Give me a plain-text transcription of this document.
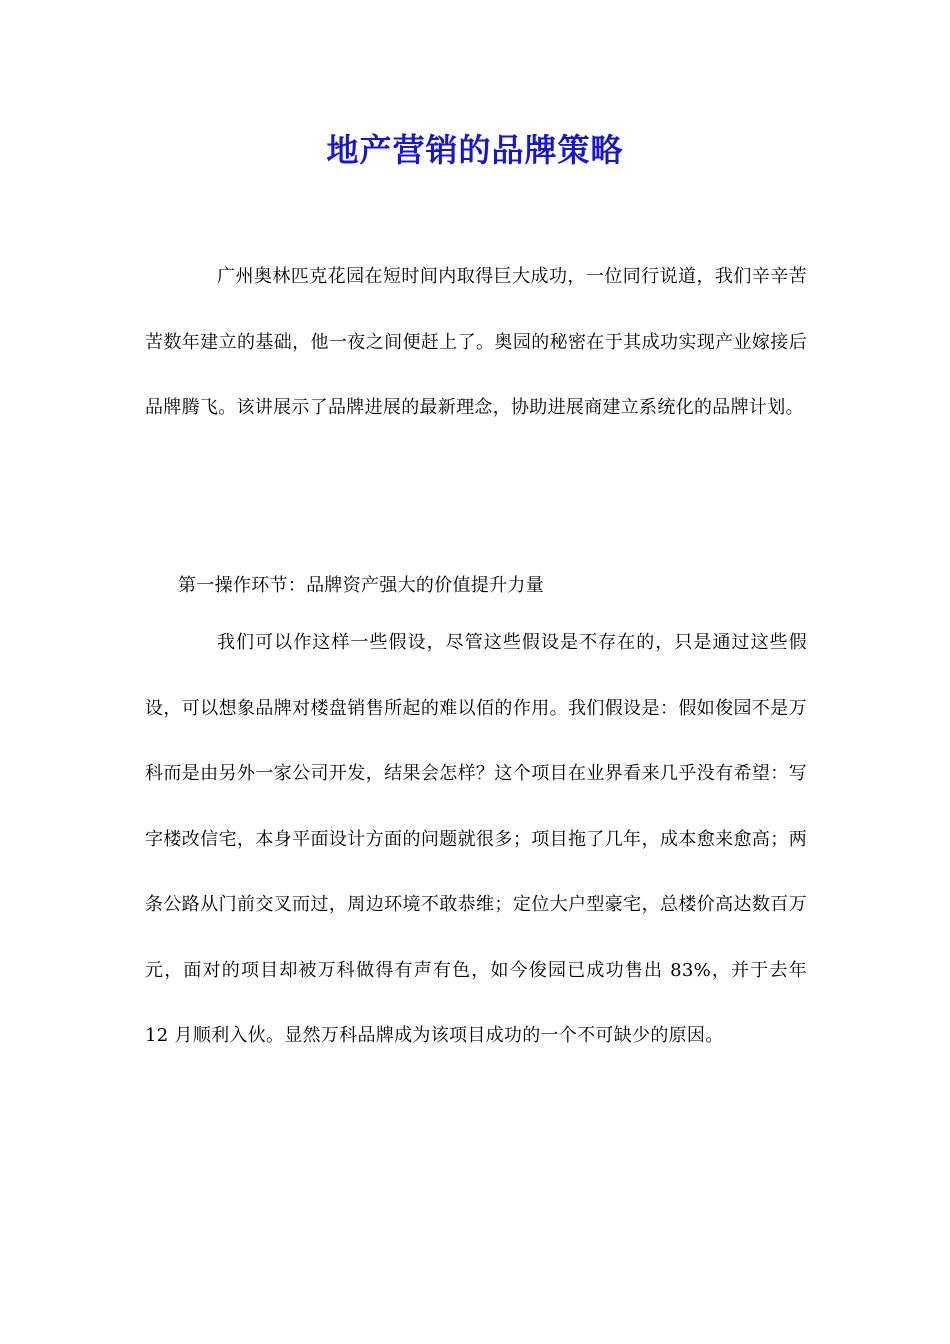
地产营销的品牌策略

广州奥林匹克花园在短时间内取得巨大成功，一位同行说道，我们辛辛苦苦数年建立的基础，他一夜之间便赶上了。奥园的秘密在于其成功实现产业嫁接后品牌腾飞。该讲展示了品牌进展的最新理念，协助进展商建立系统化的品牌计划。

第一操作环节：品牌资产强大的价值提升力量

我们可以作这样一些假设，尽管这些假设是不存在的，只是通过这些假设，可以想象品牌对楼盘销售所起的难以佰的作用。我们假设是：假如俊园不是万科而是由另外一家公司开发，结果会怎样？这个项目在业界看来几乎没有希望：写字楼改信宅，本身平面设计方面的问题就很多；项目拖了几年，成本愈来愈高；两条公路从门前交叉而过，周边环境不敢恭维；定位大户型豪宅，总楼价高达数百万元，面对的项目却被万科做得有声有色，如今俊园已成功售出 83%，并于去年 12 月顺利入伙。显然万科品牌成为该项目成功的一个不可缺少的原因。
